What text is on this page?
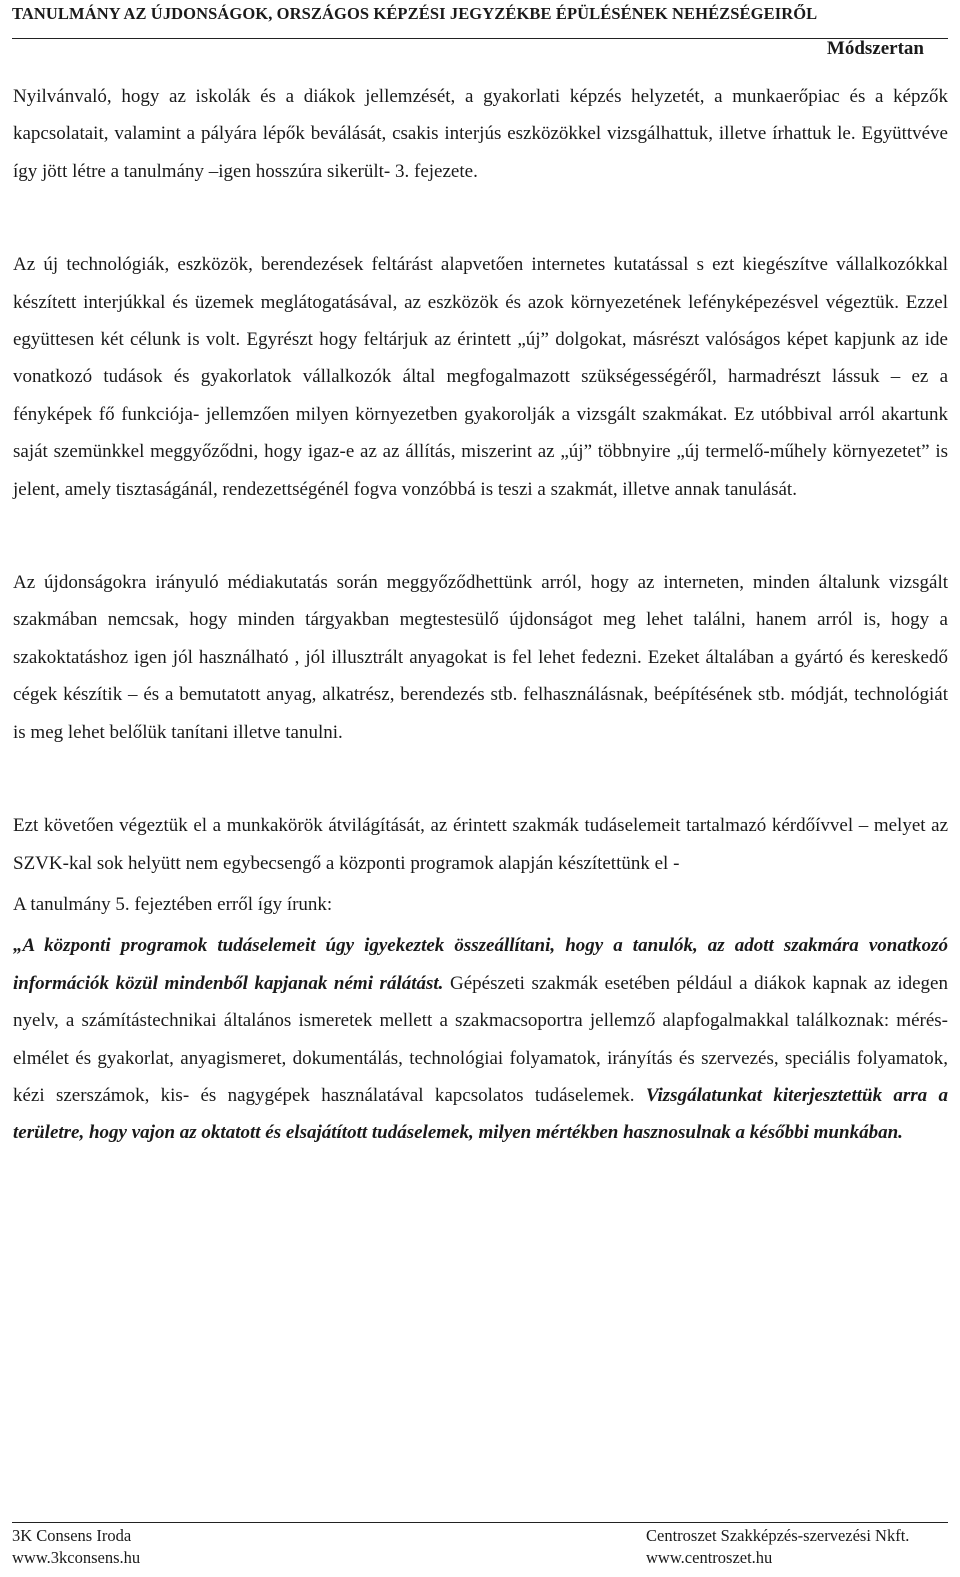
TANULMÁNY AZ ÚJDONSÁGOK, ORSZÁGOS KÉPZÉSI JEGYZÉKBE ÉPÜLÉSÉNEK NEHÉZSÉGEIRŐL
Módszertan

Nyilvánvaló, hogy az iskolák és a diákok jellemzését, a gyakorlati képzés helyzetét, a munkaerőpiac és a képzők kapcsolatait, valamint a pályára lépők beválását, csakis interjús eszközökkel vizsgálhattuk, illetve írhattuk le. Együttvéve így jött létre a tanulmány –igen hosszúra sikerült- 3. fejezete.

Az új technológiák, eszközök, berendezések feltárást alapvetően internetes kutatással s ezt kiegészítve vállalkozókkal készített interjúkkal és üzemek meglátogatásával, az eszközök és azok környezetének lefényképezésvel végeztük. Ezzel együttesen két célunk is volt. Egyrészt hogy feltárjuk az érintett „új” dolgokat, másrészt valóságos képet kapjunk az ide vonatkozó tudások és gyakorlatok vállalkozók által megfogalmazott szükségességéről, harmadrészt lássuk – ez a fényképek fő funkciója- jellemzően milyen környezetben gyakorolják a vizsgált szakmákat. Ez utóbbival arról akartunk saját szemünkkel meggyőződni, hogy igaz-e az az állítás, miszerint az „új” többnyire „új termelő-műhely környezetet” is jelent, amely tisztaságánál, rendezettségénél fogva vonzóbbá is teszi a szakmát, illetve annak tanulását.

Az újdonságokra irányuló médiakutatás során meggyőződhettünk arról, hogy az interneten, minden általunk vizsgált szakmában nemcsak, hogy minden tárgyakban megtestesülő újdonságot meg lehet találni, hanem arról is, hogy a szakoktatáshoz igen jól használható , jól illusztrált anyagokat is fel lehet fedezni. Ezeket általában a gyártó és kereskedő cégek készítik – és a bemutatott anyag, alkatrész, berendezés stb. felhasználásnak, beépítésének stb. módját, technológiát is meg lehet belőlük tanítani illetve tanulni.

Ezt követően végeztük el a munkakörök átvilágítását, az érintett szakmák tudáselemeit tartalmazó kérdőívvel – melyet az SZVK-kal sok helyütt nem egybecsengő a központi programok alapján készítettünk el -

A tanulmány 5. fejeztében erről így írunk:

„A központi programok tudáselemeit úgy igyekeztek összeállítani, hogy a tanulók, az adott szakmára vonatkozó információk közül mindenből kapjanak némi rálátást. Gépészeti szakmák esetében például a diákok kapnak az idegen nyelv, a számítástechnikai általános ismeretek mellett a szakmacsoportra jellemző alapfogalmakkal találkoznak: mérés-elmélet és gyakorlat, anyagismeret, dokumentálás, technológiai folyamatok, irányítás és szervezés, speciális folyamatok, kézi szerszámok, kis- és nagygépek használatával kapcsolatos tudáselemek. Vizsgálatunkat kiterjesztettük arra a területre, hogy vajon az oktatott és elsajátított tudáselemek, milyen mértékben hasznosulnak a későbbi munkában.

3K Consens Iroda
www.3kconsens.hu
Centroszet Szakképzés-szervezési Nkft.
www.centroszet.hu
